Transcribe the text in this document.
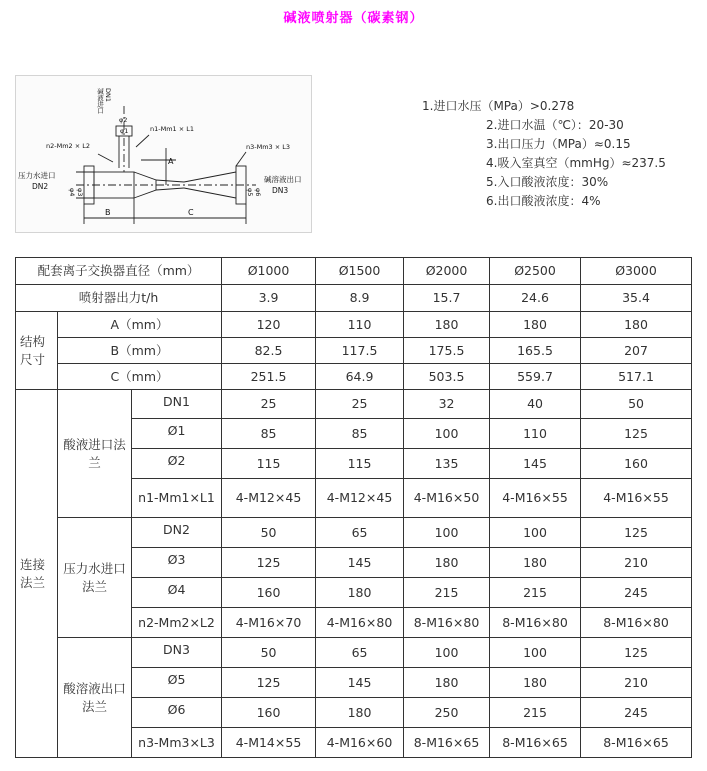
碱液喷射器（碳素钢）
碱液进口 DN1
φ2
φ1	n1-Mm1 × L1
n2-Mm2 × L2	n3-Mm3 × L3
压力水进口
DN2
碱溶液出口
DN3
φ4 φ3	φ5 φ6
A
B	C
1.进口水压（MPa）>0.278
2.进口水温（℃）：20-30
3.出口压力（MPa）≈0.15
4.吸入室真空（mmHg）≈237.5
5.入口酸液浓度：30%
6.出口酸液浓度：4%
配套离子交换器直径（mm）			Ø1000	Ø1500	Ø2000	Ø2500	Ø3000
喷射器出力t/h			3.9	8.9	15.7	24.6	35.4
结构尺寸	A（mm）		120	110	180	180	180
	B（mm）		82.5	117.5	175.5	165.5	207
	C（mm）		251.5	64.9	503.5	559.7	517.1
连接法兰	酸液进口法兰	DN1	25	25	32	40	50
		Ø1	85	85	100	110	125
		Ø2	115	115	135	145	160
		n1-Mm1×L1	4-M12×45	4-M12×45	4-M16×50	4-M16×55	4-M16×55
	压力水进口法兰	DN2	50	65	100	100	125
		Ø3	125	145	180	180	210
		Ø4	160	180	215	215	245
		n2-Mm2×L2	4-M16×70	4-M16×80	8-M16×80	8-M16×80	8-M16×80
	酸溶液出口法兰	DN3	50	65	100	100	125
		Ø5	125	145	180	180	210
		Ø6	160	180	250	215	245
		n3-Mm3×L3	4-M14×55	4-M16×60	8-M16×65	8-M16×65	8-M16×65
